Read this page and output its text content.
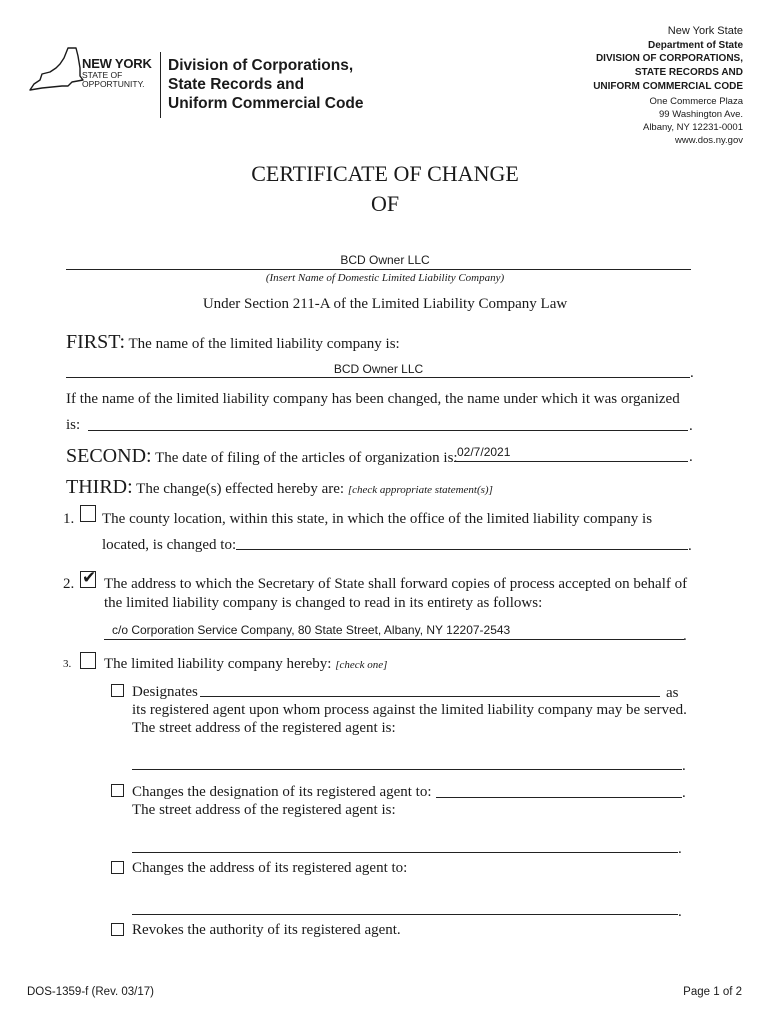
NEW YORK
STATE OF
OPPORTUNITY.
Division of Corporations,
State Records and
Uniform Commercial Code
New York State
Department of State
DIVISION OF CORPORATIONS,
STATE RECORDS AND
UNIFORM COMMERCIAL CODE
One Commerce Plaza
99 Washington Ave.
Albany, NY 12231-0001
www.dos.ny.gov
CERTIFICATE OF CHANGE
OF
BCD Owner LLC
(Insert Name of Domestic Limited Liability Company)
Under Section 211-A of the Limited Liability Company Law
FIRST: The name of the limited liability company is:
BCD Owner LLC	.
If the name of the limited liability company has been changed, the name under which it was organized
is:	.
SECOND: The date of filing of the articles of organization is: 02/7/2021	.
THIRD: The change(s) effected hereby are: [check appropriate statement(s)]
1. The county location, within this state, in which the office of the limited liability company is
located, is changed to:	.
2. ✔ The address to which the Secretary of State shall forward copies of process accepted on behalf of
the limited liability company is changed to read in its entirety as follows:
c/o Corporation Service Company, 80 State Street, Albany, NY 12207-2543	.
3. The limited liability company hereby: [check one]
Designates	as
its registered agent upon whom process against the limited liability company may be served.
The street address of the registered agent is:
.
Changes the designation of its registered agent to:	.
The street address of the registered agent is:
.
Changes the address of its registered agent to:
.
Revokes the authority of its registered agent.
DOS-1359-f (Rev. 03/17)	Page 1 of 2
